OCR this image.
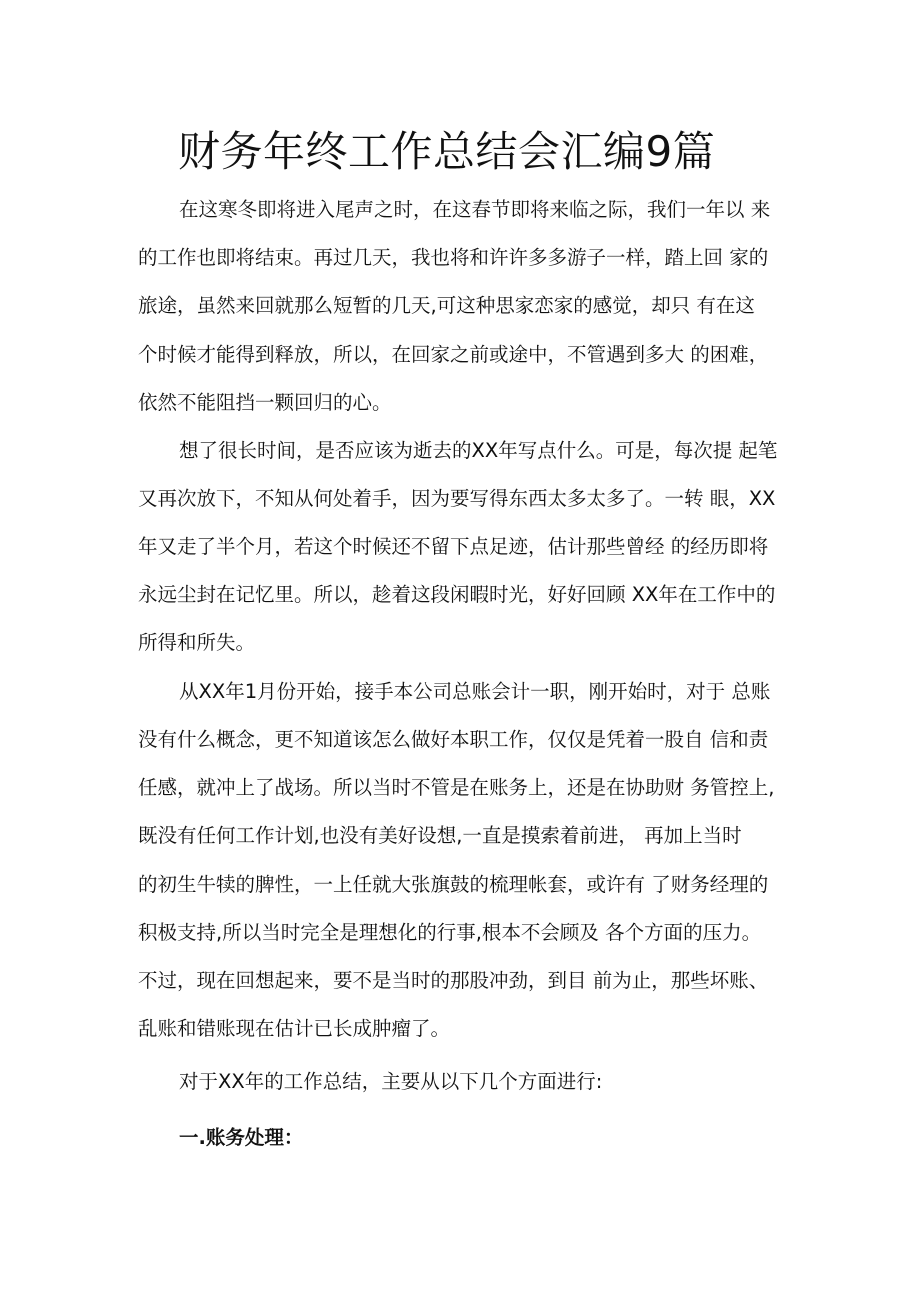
财务年终工作总结会汇编9篇

在这寒冬即将进入尾声之时，在这春节即将来临之际，我们一年以 来

的工作也即将结束。再过几天，我也将和许许多多游子一样，踏上回 家的

旅途，虽然来回就那么短暂的几天,可这种思家恋家的感觉，却只 有在这

个时候才能得到释放，所以，在回家之前或途中，不管遇到多大 的困难，

依然不能阻挡一颗回归的心。

想了很长时间，是否应该为逝去的XX年写点什么。可是，每次提 起笔

又再次放下，不知从何处着手，因为要写得东西太多太多了。一转 眼，XX

年又走了半个月，若这个时候还不留下点足迹，估计那些曾经 的经历即将

永远尘封在记忆里。所以，趁着这段闲暇时光，好好回顾 XX年在工作中的

所得和所失。

从XX年1月份开始，接手本公司总账会计一职，刚开始时，对于 总账

没有什么概念，更不知道该怎么做好本职工作，仅仅是凭着一股自 信和责

任感，就冲上了战场。所以当时不管是在账务上，还是在协助财 务管控上,

既没有任何工作计划,也没有美好设想,一直是摸索着前进， 再加上当时

的初生牛犊的脾性，一上任就大张旗鼓的梳理帐套，或许有 了财务经理的

积极支持,所以当时完全是理想化的行事,根本不会顾及 各个方面的压力。

不过，现在回想起来，要不是当时的那股冲劲，到目 前为止，那些坏账、

乱账和错账现在估计已长成肿瘤了。

对于XX年的工作总结，主要从以下几个方面进行:

一.账务处理：
